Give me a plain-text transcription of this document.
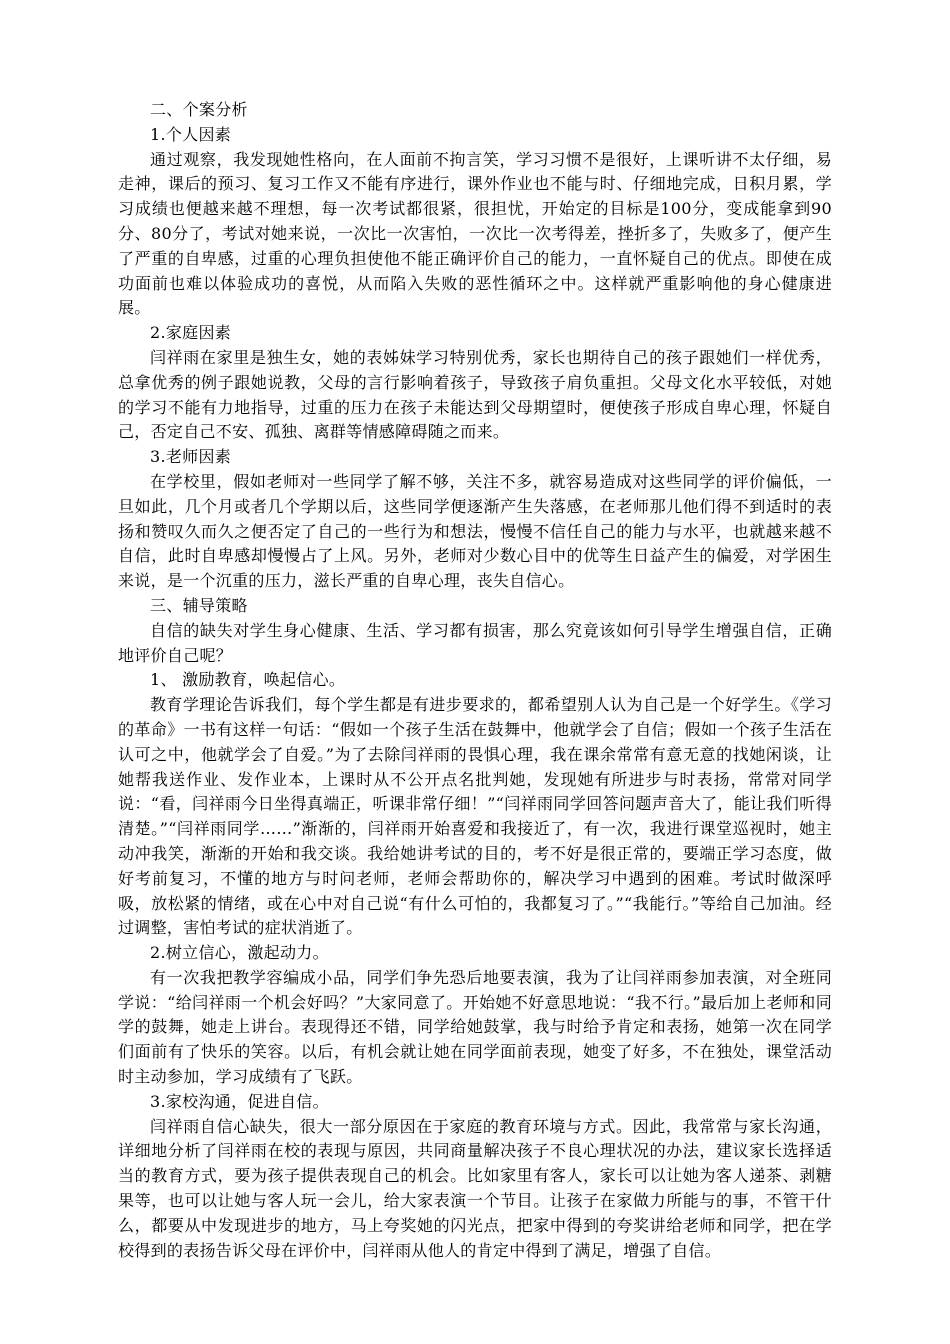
二、个案分析

1.个人因素

通过观察，我发现她性格向，在人面前不拘言笑，学习习惯不是很好，上课听讲不太仔细，易走神，课后的预习、复习工作又不能有序进行，课外作业也不能与时、仔细地完成，日积月累，学习成绩也便越来越不理想，每一次考试都很紧，很担忧，开始定的目标是100分，变成能拿到90分、80分了，考试对她来说，一次比一次害怕，一次比一次考得差，挫折多了，失败多了，便产生了严重的自卑感，过重的心理负担使他不能正确评价自己的能力，一直怀疑自己的优点。即使在成功面前也难以体验成功的喜悦，从而陷入失败的恶性循环之中。这样就严重影响他的身心健康进展。

2.家庭因素

闫祥雨在家里是独生女，她的表姊妹学习特别优秀，家长也期待自己的孩子跟她们一样优秀，总拿优秀的例子跟她说教，父母的言行影响着孩子，导致孩子肩负重担。父母文化水平较低，对她的学习不能有力地指导，过重的压力在孩子未能达到父母期望时，便使孩子形成自卑心理，怀疑自己，否定自己不安、孤独、离群等情感障碍随之而来。

3.老师因素

在学校里，假如老师对一些同学了解不够，关注不多，就容易造成对这些同学的评价偏低，一旦如此，几个月或者几个学期以后，这些同学便逐渐产生失落感，在老师那儿他们得不到适时的表扬和赞叹久而久之便否定了自己的一些行为和想法，慢慢不信任自己的能力与水平，也就越来越不自信，此时自卑感却慢慢占了上风。另外，老师对少数心目中的优等生日益产生的偏爱，对学困生来说，是一个沉重的压力，滋长严重的自卑心理，丧失自信心。

三、辅导策略

自信的缺失对学生身心健康、生活、学习都有损害，那么究竟该如何引导学生增强自信，正确地评价自己呢？

1、 激励教育，唤起信心。

教育学理论告诉我们，每个学生都是有进步要求的，都希望别人认为自己是一个好学生。《学习的革命》一书有这样一句话：“假如一个孩子生活在鼓舞中，他就学会了自信；假如一个孩子生活在认可之中，他就学会了自爱。”为了去除闫祥雨的畏惧心理，我在课余常常有意无意的找她闲谈，让她帮我送作业、发作业本，上课时从不公开点名批判她，发现她有所进步与时表扬，常常对同学说：“看，闫祥雨今日坐得真端正，听课非常仔细！”“闫祥雨同学回答问题声音大了，能让我们听得清楚。”“闫祥雨同学……”渐渐的，闫祥雨开始喜爱和我接近了，有一次，我进行课堂巡视时，她主动冲我笑，渐渐的开始和我交谈。我给她讲考试的目的，考不好是很正常的，要端正学习态度，做好考前复习，不懂的地方与时问老师，老师会帮助你的，解决学习中遇到的困难。考试时做深呼吸，放松紧的情绪，或在心中对自己说“有什么可怕的，我都复习了。”“我能行。”等给自己加油。经过调整，害怕考试的症状消逝了。

2.树立信心，激起动力。

有一次我把教学容编成小品，同学们争先恐后地要表演，我为了让闫祥雨参加表演，对全班同学说：“给闫祥雨一个机会好吗？”大家同意了。开始她不好意思地说：“我不行。”最后加上老师和同学的鼓舞，她走上讲台。表现得还不错，同学给她鼓掌，我与时给予肯定和表扬，她第一次在同学们面前有了快乐的笑容。以后，有机会就让她在同学面前表现，她变了好多，不在独处，课堂活动时主动参加，学习成绩有了飞跃。

3.家校沟通，促进自信。

闫祥雨自信心缺失，很大一部分原因在于家庭的教育环境与方式。因此，我常常与家长沟通，详细地分析了闫祥雨在校的表现与原因，共同商量解决孩子不良心理状况的办法，建议家长选择适当的教育方式，要为孩子提供表现自己的机会。比如家里有客人，家长可以让她为客人递茶、剥糖果等，也可以让她与客人玩一会儿，给大家表演一个节目。让孩子在家做力所能与的事，不管干什么，都要从中发现进步的地方，马上夸奖她的闪光点，把家中得到的夸奖讲给老师和同学，把在学校得到的表扬告诉父母在评价中，闫祥雨从他人的肯定中得到了满足，增强了自信。
